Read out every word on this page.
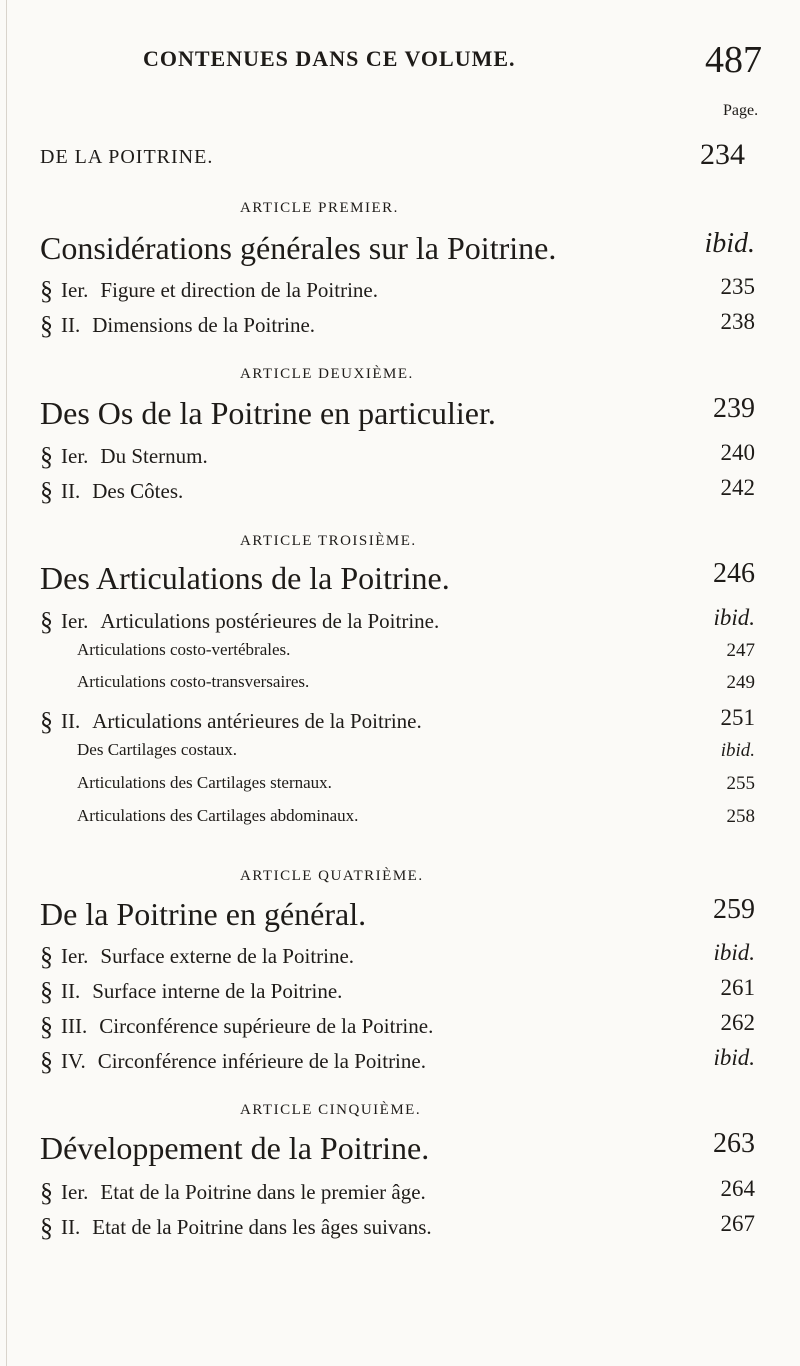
CONTENUES DANS CE VOLUME.	487
Page.
DE LA POITRINE.	234
ARTICLE PREMIER.
Considérations générales sur la Poitrine.	ibid.
§ Ier. Figure et direction de la Poitrine.	235
§ II. Dimensions de la Poitrine.	238
ARTICLE DEUXIÈME.
Des Os de la Poitrine en particulier.	239
§ Ier. Du Sternum.	240
§ II. Des Côtes.	242
ARTICLE TROISIÈME.
Des Articulations de la Poitrine.	246
§ Ier. Articulations postérieures de la Poitrine.	ibid.
Articulations costo-vertébrales.	247
Articulations costo-transversaires.	249
§ II. Articulations antérieures de la Poitrine.	251
Des Cartilages costaux.	ibid.
Articulations des Cartilages sternaux.	255
Articulations des Cartilages abdominaux.	258
ARTICLE QUATRIÈME.
De la Poitrine en général.	259
§ Ier. Surface externe de la Poitrine.	ibid.
§ II. Surface interne de la Poitrine.	261
§ III. Circonférence supérieure de la Poitrine.	262
§ IV. Circonférence inférieure de la Poitrine.	ibid.
ARTICLE CINQUIÈME.
Développement de la Poitrine.	263
§ Ier. Etat de la Poitrine dans le premier âge.	264
§ II. Etat de la Poitrine dans les âges suivans.	267
